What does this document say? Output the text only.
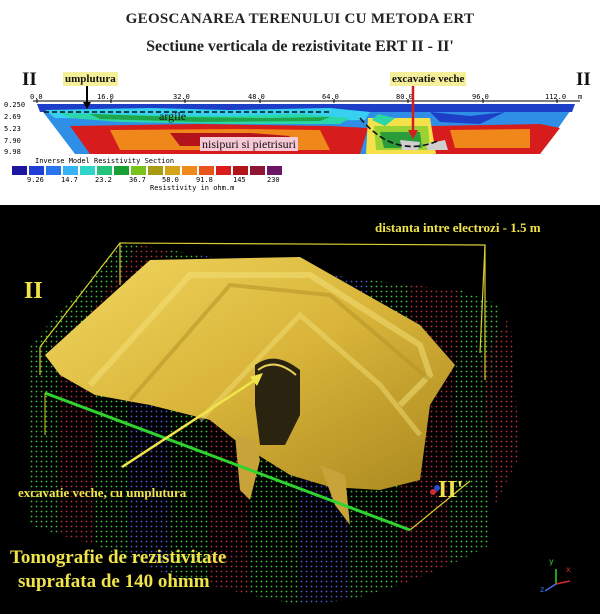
GEOSCANAREA TERENULUI CU METODA ERT
Sectiune verticala de rezistivitate ERT II - II'
II	II
umplutura	excavatie veche
0.0	16.0	32.0	48.0	64.0	80.0	96.0	112.0 m
0.250
2.69
5.23
7.90
9.98
argile
nisipuri si pietrisuri
Inverse Model Resistivity Section
9.26 14.7 23.2 36.7 58.0 91.8	145	230
Resistivity in ohm.m
distanta intre electrozi - 1.5 m
II
II'
excavatie veche, cu umplutura
Tomografie de rezistivitate
suprafata de 140 ohmm
x
y
z
